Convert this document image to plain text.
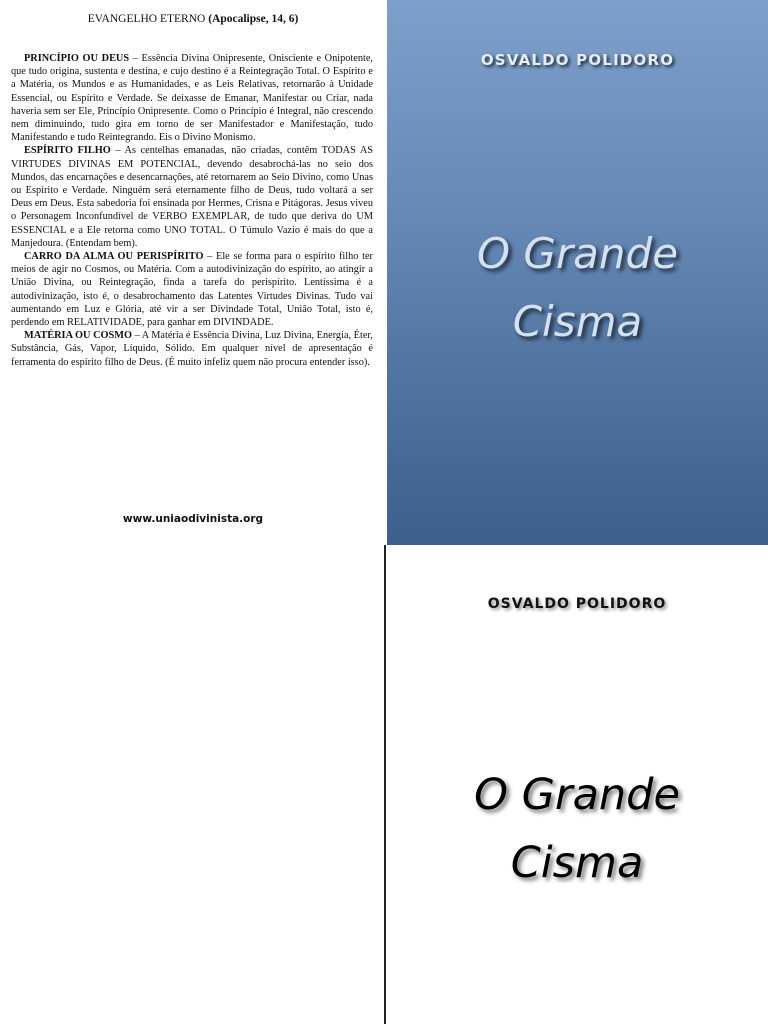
EVANGELHO ETERNO (Apocalipse, 14, 6)

PRINCÍPIO OU DEUS – Essência Divina Onipresente, Onisciente e Onipotente, que tudo origina, sustenta e destina, e cujo destino é a Reintegração Total. O Espírito e a Matéria, os Mundos e as Humanidades, e as Leis Relativas, retornarão à Unidade Essencial, ou Espírito e Verdade. Se deixasse de Emanar, Manifestar ou Criar, nada haveria sem ser Ele, Princípio Onipresente. Como o Princípio é Integral, não crescendo nem diminuindo, tudo gira em torno de ser Manifestador e Manifestação, tudo Manifestando e tudo Reintegrando. Eis o Divino Monismo.

ESPÍRITO FILHO – As centelhas emanadas, não criadas, contêm TODAS AS VIRTUDES DIVINAS EM POTENCIAL, devendo desabrochá-las no seio dos Mundos, das encarnações e desencarnações, até retornarem ao Seio Divino, como Unas ou Espírito e Verdade. Ninguém será eternamente filho de Deus, tudo voltará a ser Deus em Deus. Esta sabedoria foi ensinada por Hermes, Crisna e Pitágoras. Jesus viveu o Personagem Inconfundível de VERBO EXEMPLAR, de tudo que deriva do UM ESSENCIAL e a Ele retorna como UNO TOTAL. O Túmulo Vazio é mais do que a Manjedoura. (Entendam bem).

CARRO DA ALMA OU PERISPÍRITO – Ele se forma para o espírito filho ter meios de agir no Cosmos, ou Matéria. Com a autodivinização do espírito, ao atingir a União Divina, ou Reintegração, finda a tarefa do perispírito. Lentíssima é a autodivinização, isto é, o desabrochamento das Latentes Virtudes Divinas. Tudo vai aumentando em Luz e Glória, até vir a ser Divindade Total, União Total, isto é, perdendo em RELATIVIDADE, para ganhar em DIVINDADE.

MATÉRIA OU COSMO – A Matéria é Essência Divina, Luz Divina, Energia, Éter, Substância, Gás, Vapor, Líquido, Sólido. Em qualquer nível de apresentação é ferramenta do espírito filho de Deus. (É muito infeliz quem não procura entender isso).

www.uniaodivinista.org
OSVALDO POLIDORO
O Grande
Cisma
OSVALDO POLIDORO
O Grande
Cisma
